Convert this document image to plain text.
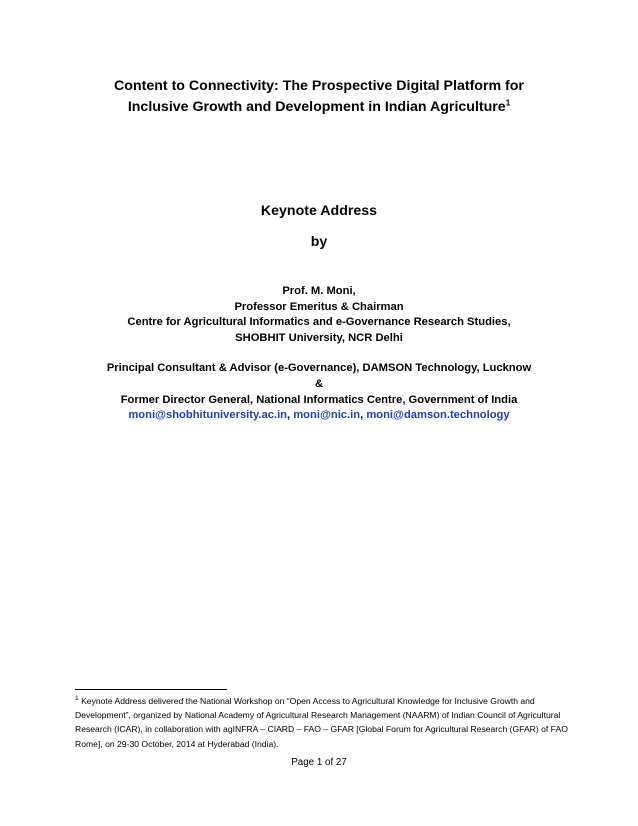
Content to Connectivity: The Prospective Digital Platform for
Inclusive Growth and Development in Indian Agriculture$^1$
Keynote Address
by
Prof. M. Moni,
Professor Emeritus & Chairman
Centre for Agricultural Informatics and e-Governance Research Studies,
SHOBHIT University, NCR Delhi
Principal Consultant & Advisor (e-Governance), DAMSON Technology, Lucknow
&
Former Director General, National Informatics Centre, Government of India
moni@shobhituniversity.ac.in, moni@nic.in, moni@damson.technology
$^1$ Keynote Address delivered the National Workshop on “Open Access to Agricultural Knowledge for Inclusive Growth and Development”, organized by National Academy of Agricultural Research Management (NAARM) of Indian Council of Agricultural Research (ICAR), in collaboration with agINFRA – CIARD – FAO – GFAR [Global Forum for Agricultural Research (GFAR) of FAO Rome], on 29-30 October, 2014 at Hyderabad (India).
Page 1 of 27
